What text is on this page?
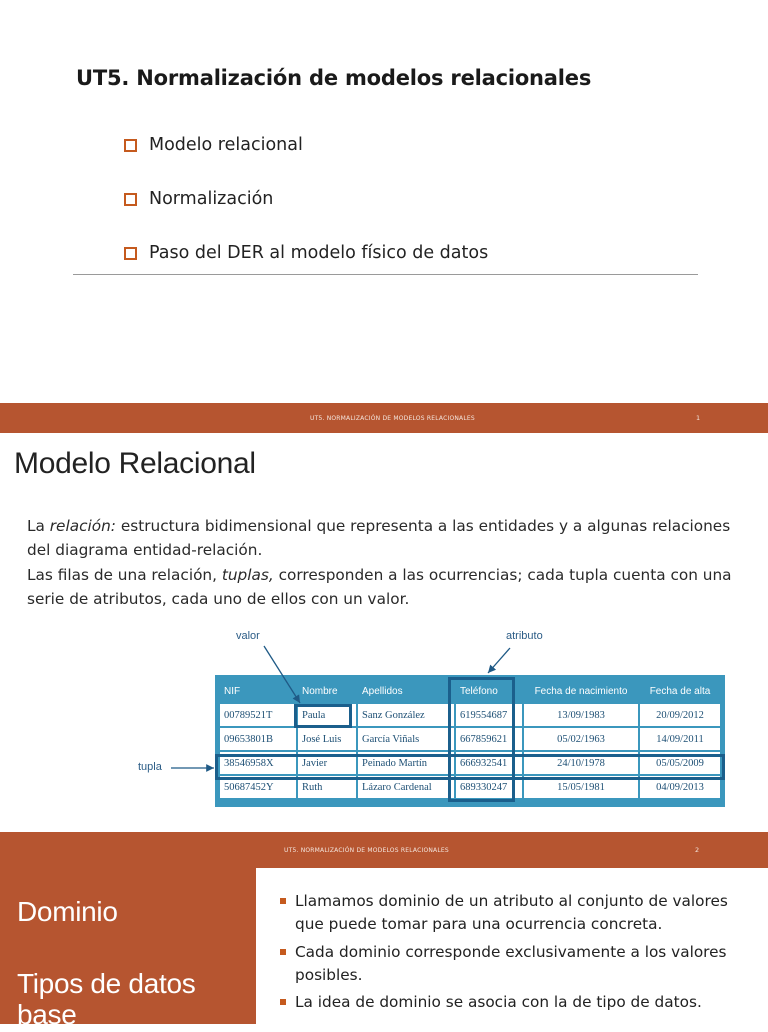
UT5. Normalización de modelos relacionales
Modelo relacional
Normalización
Paso del DER al modelo físico de datos
UT5. NORMALIZACIÓN DE MODELOS RELACIONALES	1
Modelo Relacional
La relación: estructura bidimensional que representa a las entidades y a algunas relaciones
del diagrama entidad-relación.
Las filas de una relación, tuplas, corresponden a las ocurrencias; cada tupla cuenta con una
serie de atributos, cada uno de ellos con un valor.
valor	atributo
tupla
NIF	Nombre	Apellidos	Teléfono	Fecha de nacimiento	Fecha de alta
00789521T	Paula	Sanz González	619554687	13/09/1983	20/09/2012
09653801B	José Luis	García Viñals	667859621	05/02/1963	14/09/2011
38546958X	Javier	Peinado Martín	666932541	24/10/1978	05/05/2009
50687452Y	Ruth	Lázaro Cardenal	689330247	15/05/1981	04/09/2013
UT5. NORMALIZACIÓN DE MODELOS RELACIONALES	2
Dominio
Tipos de datos
base
Llamamos dominio de un atributo al conjunto de valores
que puede tomar para una ocurrencia concreta.
Cada dominio corresponde exclusivamente a los valores
posibles.
La idea de dominio se asocia con la de tipo de datos.
